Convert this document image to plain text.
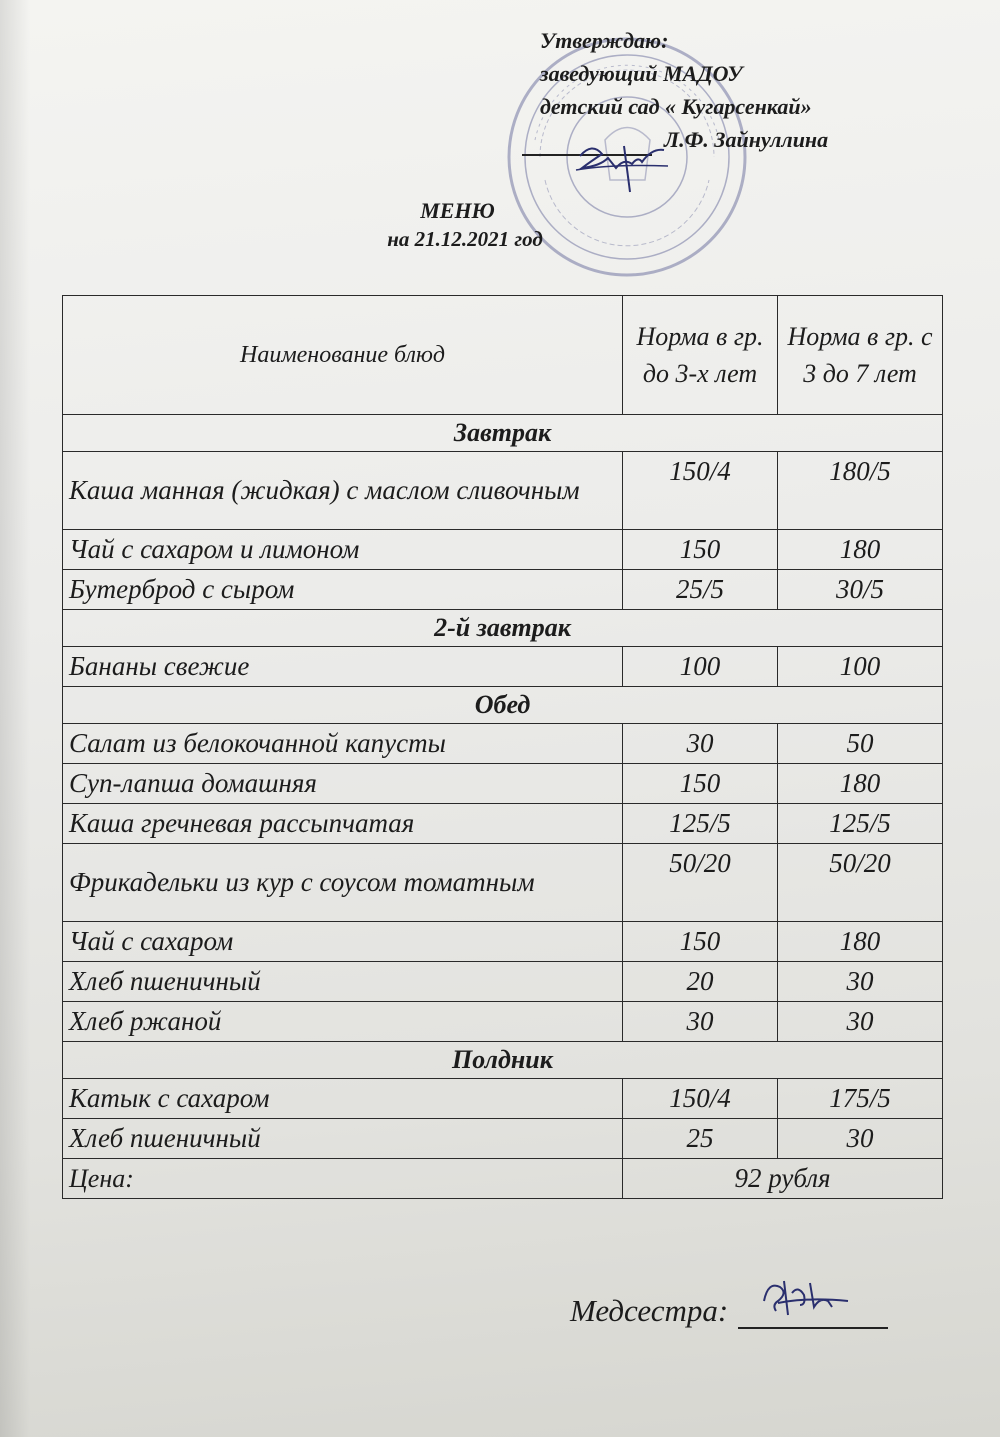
Утверждаю:
заведующий МАДОУ
детский сад « Кугарсенкай»
Л.Ф. Зайнуллина
МЕНЮ
на 21.12.2021 год
Наименование блюд	Норма в гр. до 3-х лет	Норма в гр. с 3 до 7 лет
Завтрак		
Каша манная (жидкая) с маслом сливочным	150/4	180/5
Чай с сахаром и лимоном	150	180
Бутерброд с сыром	25/5	30/5
2-й завтрак		
Бананы свежие	100	100
Обед		
Салат из белокочанной капусты	30	50
Суп-лапша домашняя	150	180
Каша гречневая рассыпчатая	125/5	125/5
Фрикадельки из кур с соусом томатным	50/20	50/20
Чай с сахаром	150	180
Хлеб пшеничный	20	30
Хлеб ржаной	30	30
Полдник		
Катык с сахаром	150/4	175/5
Хлеб пшеничный	25	30
Цена:	92 рубля	
Медсестра:
